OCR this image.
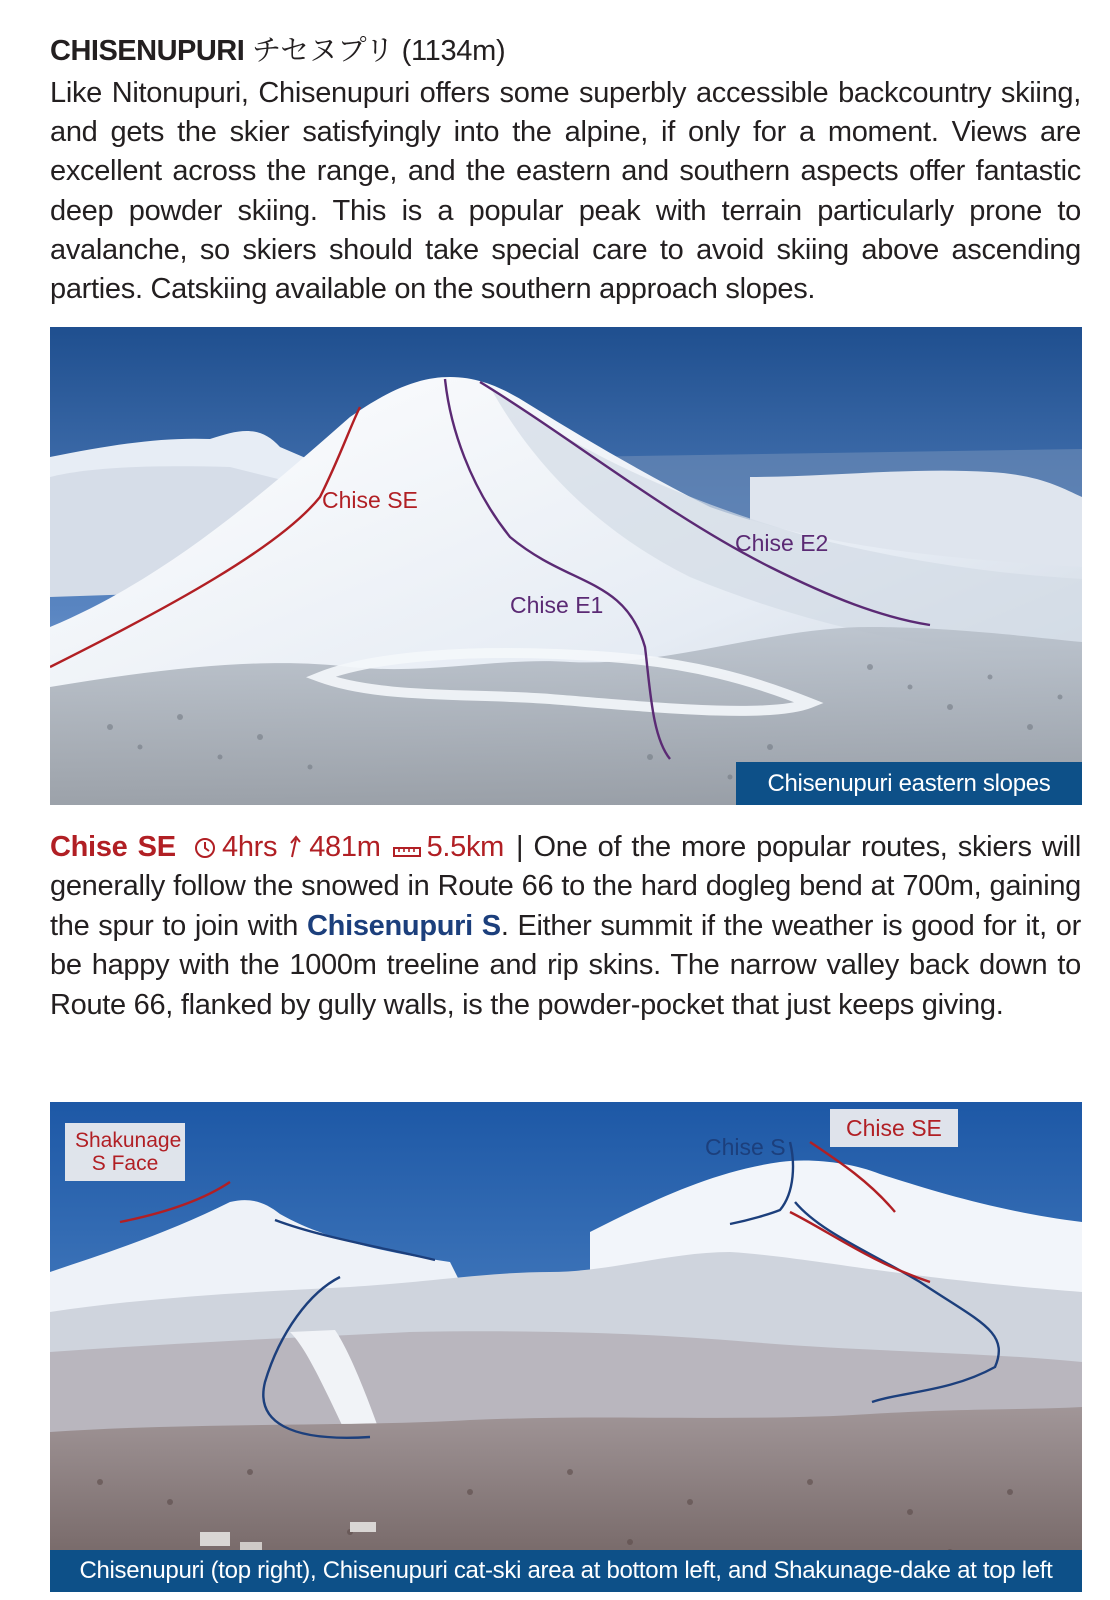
CHISENUPURI チセヌプリ (1134m)

Like Nitonupuri, Chisenupuri offers some superbly accessible backcountry skiing, and gets the skier satisfyingly into the alpine, if only for a moment. Views are excellent across the range, and the eastern and southern aspects offer fantastic deep powder skiing. This is a popular peak with terrain particularly prone to avalanche, so skiers should take special care to avoid skiing above ascending parties. Catskiing available on the southern approach slopes.

Chise SE
Chise E1
Chise E2
Chisenupuri eastern slopes

Chise SE 4hrs 481m 5.5km | One of the more popular routes, skiers will generally follow the snowed in Route 66 to the hard dogleg bend at 700m, gaining the spur to join with Chisenupuri S. Either summit if the weather is good for it, or be happy with the 1000m treeline and rip skins. The narrow valley back down to Route 66, flanked by gully walls, is the powder-pocket that just keeps giving.

Shakunage S Face
Chise S
Chise SE
Chisenupuri (top right), Chisenupuri cat-ski area at bottom left, and Shakunage-dake at top left
